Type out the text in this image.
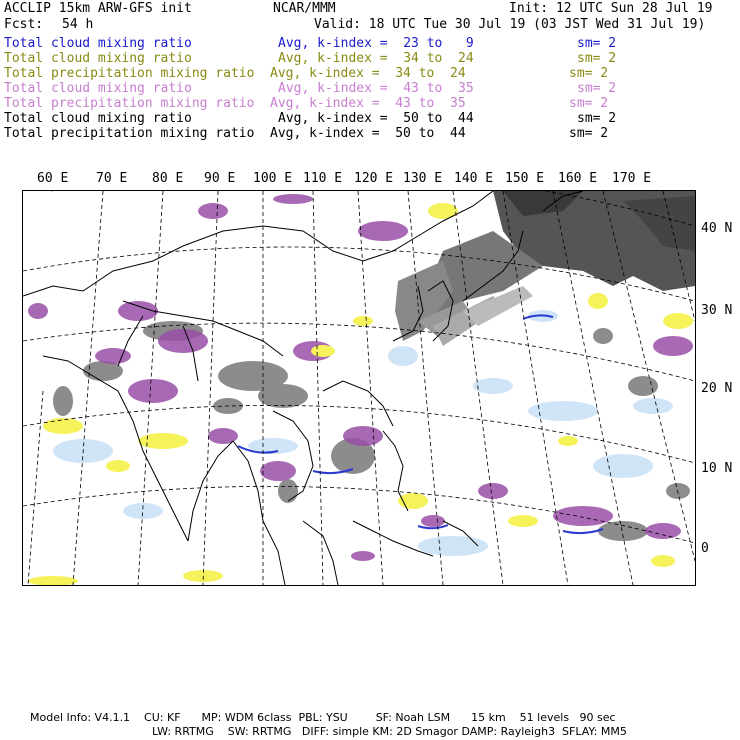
ACCLIP 15km ARW-GFS init	NCAR/MMM	Init: 12 UTC Sun 28 Jul 19
Fcst: 54 h	Valid: 18 UTC Tue 30 Jul 19 (03 JST Wed 31 Jul 19)
Total cloud mixing ratio	Avg, k-index =  23 to   9	sm= 2
Total cloud mixing ratio	Avg, k-index =  34 to  24	sm= 2
Total precipitation mixing ratio Avg, k-index =  34 to  24	sm= 2
Total cloud mixing ratio	Avg, k-index =  43 to  35	sm= 2
Total precipitation mixing ratio Avg, k-index =  43 to  35	sm= 2
Total cloud mixing ratio	Avg, k-index =  50 to  44	sm= 2
Total precipitation mixing ratio Avg, k-index =  50 to  44	sm= 2
60 E 70 E 80 E 90 E 100 E 110 E 120 E 130 E 140 E 150 E 160 E 170 E
40 N
30 N
20 N
10 N
0
Model Info: V4.1.1    CU: KF      MP: WDM 6class  PBL: YSU        SF: Noah LSM      15 km    51 levels   90 sec
LW: RRTMG    SW: RRTMG   DIFF: simple KM: 2D Smagor DAMP: Rayleigh3  SFLAY: MM5
